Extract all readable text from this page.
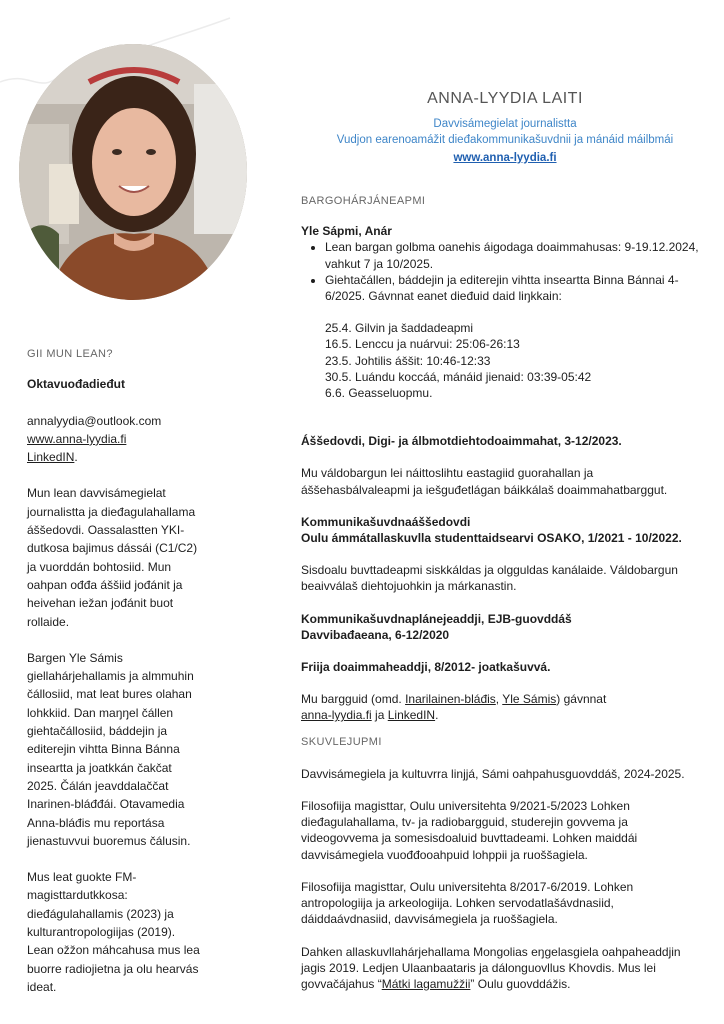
ANNA-LYYDIA LAITI
Davvisámegielat journalistta
Vudjon earenoamážit dieđakommunikašuvdnii ja mánáid máilbmái
www.anna-lyydia.fi
GII MUN LEAN?
Oktavuođadieđut
annalyydia@outlook.com
www.anna-lyydia.fi
LinkedIN.
Mun lean davvisámegielat
journalistta ja dieđagulahallama
áššedovdi. Oassalastten YKI-
dutkosa bajimus dássái (C1/C2)
ja vuorddán bohtosiid. Mun
oahpan ođđa áššiid jođánit ja
heivehan iežan jođánit buot
rollaide.
Bargen Yle Sámis
giellahárjehallamis ja almmuhin
čállosiid, mat leat bures olahan
lohkkiid. Dan maŋŋel čállen
giehtačállosiid, báddejin ja
editerejin vihtta Binna Bánna
inseartta ja joatkkán čakčat
2025. Čálán jeavddalaččat
Inarinen-bláđđái. Otavamedia
Anna-bláđis mu reportása
jienastuvvui buoremus čálusin.
Mus leat guokte FM-
magisttardutkkosa:
dieđágulahallamis (2023) ja
kulturantropologiijas (2019).
Lean ožžon máhcahusa mus lea
buorre radiojietna ja olu hearvás
ideat.
BARGOHÁRJÁNEAPMI
Yle Sápmi, Anár
• Lean bargan golbma oanehis áigodaga doaimmahusas: 9-19.12.2024, vahkut 7 ja 10/2025.
• Giehtačállen, báddejin ja editerejin vihtta inseartta Binna Bánnai 4-6/2025. Gávnnat eanet dieđuid daid liŋkkain:
25.4. Gilvin ja šaddadeapmi
16.5. Lenccu ja nuárvui: 25:06-26:13
23.5. Johtilis áššit: 10:46-12:33
30.5. Luándu koccáá, mánáid jienaid: 03:39-05:42
6.6. Geasseluopmu.
Áššedovdi, Digi- ja álbmotdiehtodoaimmahat, 3-12/2023.

Mu váldobargun lei náittoslihtu eastagiid guorahallan ja áššehasbálvaleapmi ja iešguđetlágan báikkálaš doaimmahatbarggut.

Kommunikašuvdnaáššedovdi
Oulu ámmátallaskuvlla studenttaidsearvi OSAKO, 1/2021 - 10/2022.

Sisdoalu buvttadeapmi siskkáldas ja olgguldas kanálaide. Váldobargun beaivválaš diehtojuohkin ja márkanastin.

Kommunikašuvdnaplánejeaddji, EJB-guovddáš
Davvibađaeana, 6-12/2020
Friija doaimmaheaddji, 8/2012- joatkašuvvá.

Mu bargguid (omd. Inarilainen-bláđis, Yle Sámis) gávnnat
anna-lyydia.fi ja LinkedIN.

SKUVLEJUPMI

Davvisámegiela ja kultuvrra linjjá, Sámi oahpahusguovddáš, 2024-2025.

Filosofiija magisttar, Oulu universitehta 9/2021-5/2023 Lohken dieđagulahallama, tv- ja radiobargguid, studerejin govvema ja videogovvema ja somesisdoaluid buvttadeami. Lohken maiddái davvisámegiela vuođđooahpuid lohppii ja ruoššagiela.

Filosofiija magisttar, Oulu universitehta 8/2017-6/2019. Lohken antropologiija ja arkeologiija. Lohken servodatlašávdnasiid, dáiddaávdnasiid, davvisámegiela ja ruoššagiela.

Dahken allaskuvllahárjehallama Mongolias eŋgelasgiela oahpaheaddjin jagis 2019. Ledjen Ulaanbaataris ja dálonguovllus Khovdis. Mus lei govvačájahus “Mátki lagamužžii” Oulu guovddážis.
